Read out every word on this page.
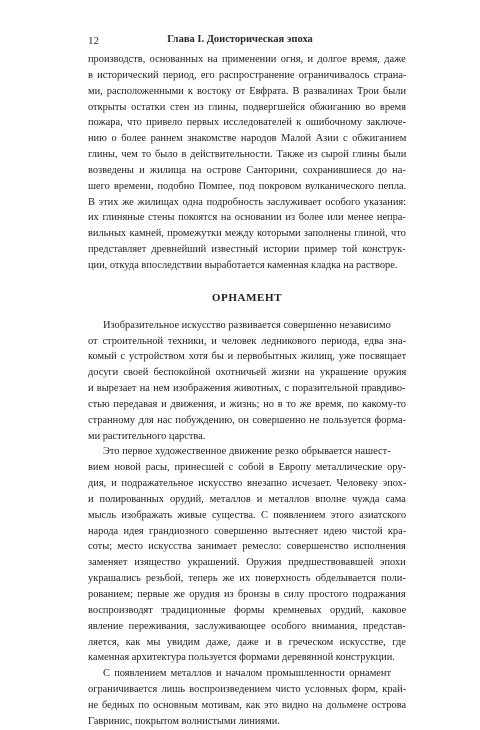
12	Глава I. Доисторическая эпоха
производств, основанных на применении огня, и долгое время, даже
в исторический период, его распространение ограничивалось странa-
ми, расположенными к востоку от Евфрата. В развалинах Трои были
открыты остатки стен из глины, подвергшейся обжиганию во время
пожара, что привело первых исследователей к ошибочному заключе-
нию о более раннем знакомстве народов Малой Азии с обжиганием
глины, чем то было в действительности. Также из сырой глины были
возведены и жилища на острове Санторини, сохранившиеся до на-
шего времени, подобно Помпее, под покровом вулканического пепла.
В этих же жилищах одна подробность заслуживает особого указания:
их глиняные стены покоятся на основании из более или менее непра-
вильных камней, промежутки между которыми заполнены глиной, что
представляет древнейший известный истории пример той конструк-
ции, откуда впоследствии выработается каменная кладка на растворе.
ОРНАМЕНТ
Изобразительное искусство развивается совершенно независимо
от строительной техники, и человек ледникового периода, едва зна-
комый с устройством хотя бы и первобытных жилищ, уже посвящает
досуги своей беспокойной охотничьей жизни на украшение оружия
и вырезает на нем изображения животных, с поразительной правдиво-
стью передавая и движения, и жизнь; но в то же время, по какому-то
странному для нас побуждению, он совершенно не пользуется форма-
ми растительного царства.
Это первое художественное движение резко обрывается нашест-
вием новой расы, принесшей с собой в Европу металлические ору-
дия, и подражательное искусство внезапно исчезает. Человеку эпох-
и полированных орудий, металлов и металлов вполне чужда сама
мысль изображать живые существа. С появлением этого азиатского
народа идея грандиозного совершенно вытесняет идею чистой кра-
соты; место искусства занимает ремесло: совершенство исполнения
заменяет изящество украшений. Оружия предшествовавшей эпохи
украшались резьбой, теперь же их поверхность обделывается поли-
рованием; первые же орудия из бронзы в силу простого подражания
воспроизводят традиционные формы кремневых орудий, каковое
явление переживания, заслуживающее особого внимания, представ-
ляется, как мы увидим даже, даже и в греческом искусстве, где
каменная архитектура пользуется формами деревянной конструкции.
С появлением металлов и началом промышленности орнамент
ограничивается лишь воспроизведением чисто условных форм, край-
не бедных по основным мотивам, как это видно на дольмене острова
Гавринис, покрытом волнистыми линиями.
